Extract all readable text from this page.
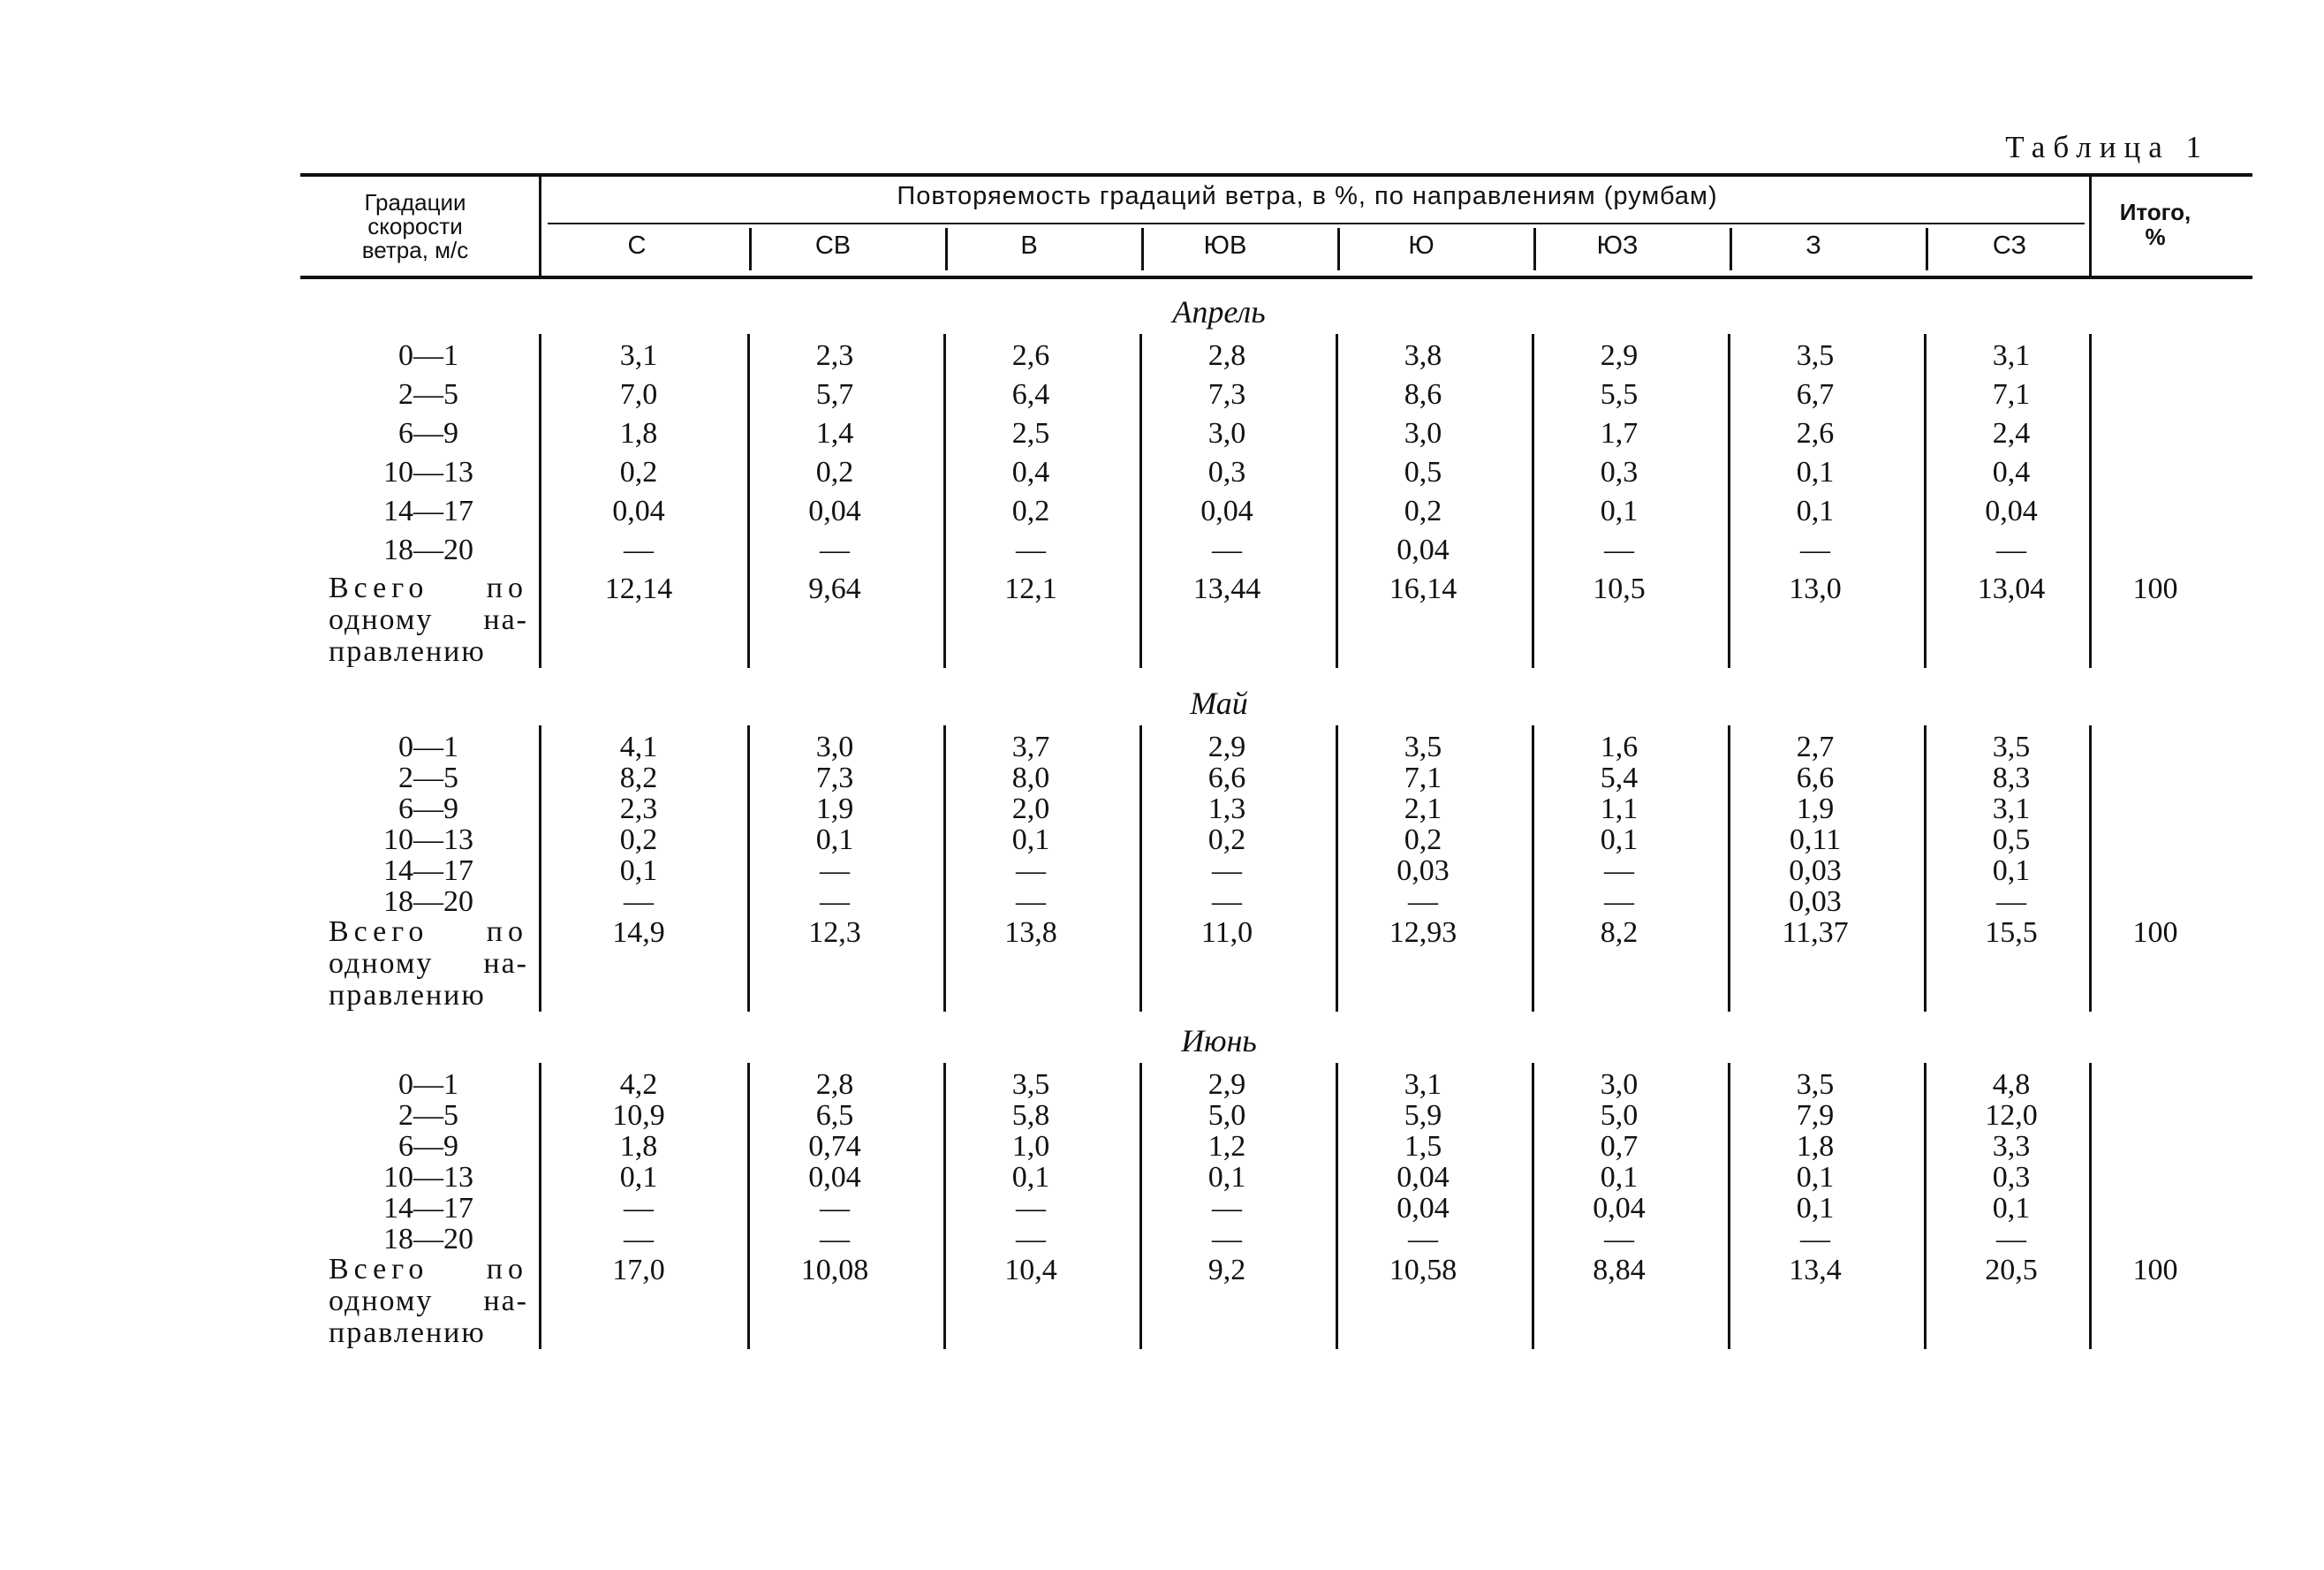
Таблица 1
Градации
скорости
ветра, м/с
Повторяемость градаций ветра, в %, по направлениям (румбам)
Итого,
%
С	СВ	В	ЮВ	Ю	ЮЗ	З	СЗ
Апрель
0—1	3,1	2,3	2,6	2,8	3,8	2,9	3,5	3,1
2—5	7,0	5,7	6,4	7,3	8,6	5,5	6,7	7,1
6—9	1,8	1,4	2,5	3,0	3,0	1,7	2,6	2,4
10—13	0,2	0,2	0,4	0,3	0,5	0,3	0,1	0,4
14—17	0,04	0,04	0,2	0,04	0,2	0,1	0,1	0,04
18—20	—	—	—	—	0,04	—	—	—
Всего по
одному на-
правлению
12,14	9,64	12,1	13,44	16,14	10,5	13,0	13,04	100
Май
0—1	4,1	3,0	3,7	2,9	3,5	1,6	2,7	3,5
2—5	8,2	7,3	8,0	6,6	7,1	5,4	6,6	8,3
6—9	2,3	1,9	2,0	1,3	2,1	1,1	1,9	3,1
10—13	0,2	0,1	0,1	0,2	0,2	0,1	0,11	0,5
14—17	0,1	—	—	—	0,03	—	0,03	0,1
18—20	—	—	—	—	—	—	0,03	—
Всего по
одному на-
правлению
14,9	12,3	13,8	11,0	12,93	8,2	11,37	15,5	100
Июнь
0—1	4,2	2,8	3,5	2,9	3,1	3,0	3,5	4,8
2—5	10,9	6,5	5,8	5,0	5,9	5,0	7,9	12,0
6—9	1,8	0,74	1,0	1,2	1,5	0,7	1,8	3,3
10—13	0,1	0,04	0,1	0,1	0,04	0,1	0,1	0,3
14—17	—	—	—	—	0,04	0,04	0,1	0,1
18—20	—	—	—	—	—	—	—	—
Всего по
одному на-
правлению
17,0	10,08	10,4	9,2	10,58	8,84	13,4	20,5	100
